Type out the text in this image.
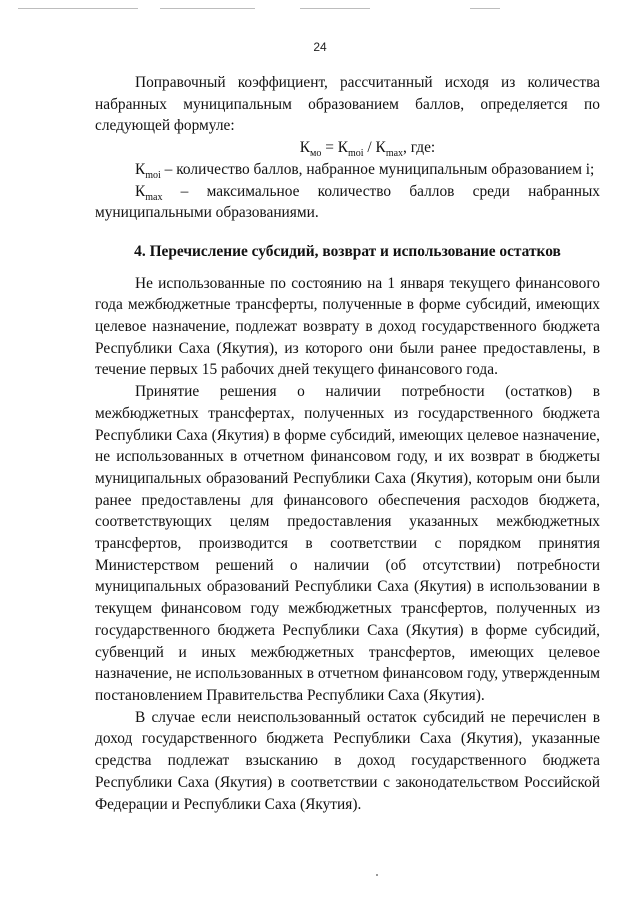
24

Поправочный коэффициент, рассчитанный исходя из количества набранных муниципальным образованием баллов, определяется по следующей формуле:

$К_{мо} = К_{moi} / К_{max}$, где:

$К_{moi}$ – количество баллов, набранное муниципальным образованием i;

$К_{max}$ – максимальное количество баллов среди набранных муниципальными образованиями.

4. Перечисление субсидий, возврат и использование остатков

Не использованные по состоянию на 1 января текущего финансового года межбюджетные трансферты, полученные в форме субсидий, имеющих целевое назначение, подлежат возврату в доход государственного бюджета Республики Саха (Якутия), из которого они были ранее предоставлены, в течение первых 15 рабочих дней текущего финансового года.

Принятие решения о наличии потребности (остатков) в межбюджетных трансфертах, полученных из государственного бюджета Республики Саха (Якутия) в форме субсидий, имеющих целевое назначение, не использованных в отчетном финансовом году, и их возврат в бюджеты муниципальных образований Республики Саха (Якутия), которым они были ранее предоставлены для финансового обеспечения расходов бюджета, соответствующих целям предоставления указанных межбюджетных трансфертов, производится в соответствии с порядком принятия Министерством решений о наличии (об отсутствии) потребности муниципальных образований Республики Саха (Якутия) в использовании в текущем финансовом году межбюджетных трансфертов, полученных из государственного бюджета Республики Саха (Якутия) в форме субсидий, субвенций и иных межбюджетных трансфертов, имеющих целевое назначение, не использованных в отчетном финансовом году, утвержденным постановлением Правительства Республики Саха (Якутия).

В случае если неиспользованный остаток субсидий не перечислен в доход государственного бюджета Республики Саха (Якутия), указанные средства подлежат взысканию в доход государственного бюджета Республики Саха (Якутия) в соответствии с законодательством Российской Федерации и Республики Саха (Якутия).
